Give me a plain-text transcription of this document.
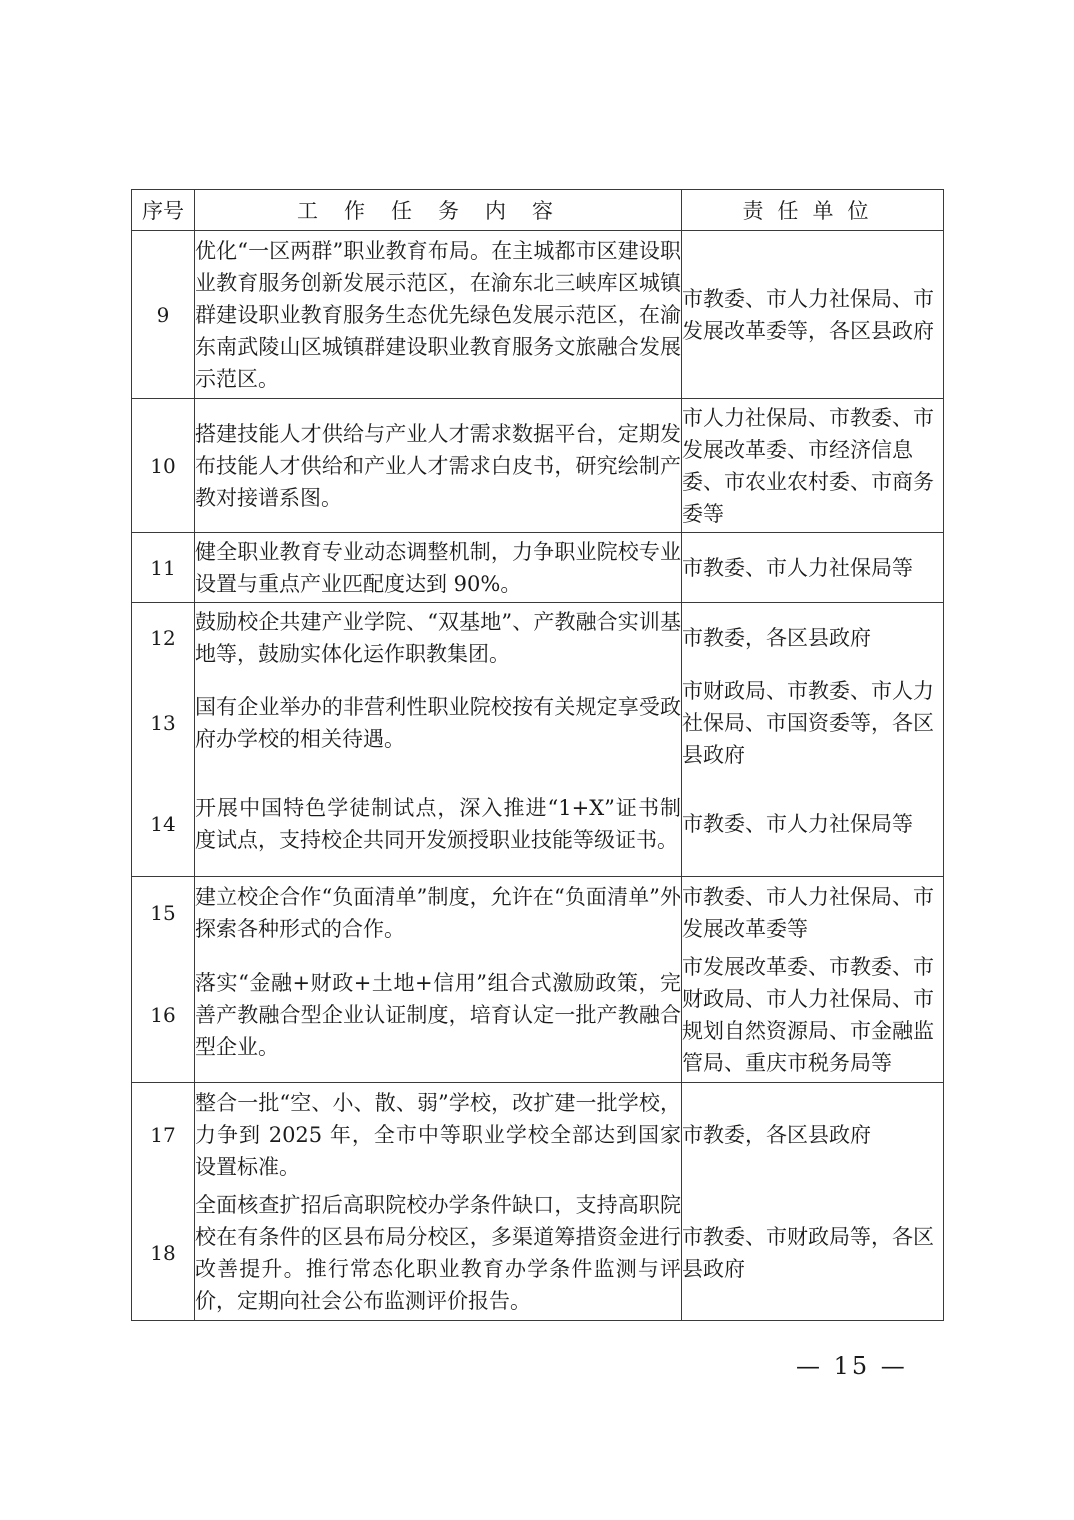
序号	工作任务内容	责任单位
9	优化“一区两群”职业教育布局。在主城都市区建设职业教育服务创新发展示范区，在渝东北三峡库区城镇群建设职业教育服务生态优先绿色发展示范区，在渝东南武陵山区城镇群建设职业教育服务文旅融合发展示范区。	市教委、市人力社保局、市发展改革委等，各区县政府
10	搭建技能人才供给与产业人才需求数据平台，定期发布技能人才供给和产业人才需求白皮书，研究绘制产教对接谱系图。	市人力社保局、市教委、市发展改革委、市经济信息委、市农业农村委、市商务委等
11	健全职业教育专业动态调整机制，力争职业院校专业设置与重点产业匹配度达到 90%。	市教委、市人力社保局等
12	鼓励校企共建产业学院、“双基地”、产教融合实训基地等，鼓励实体化运作职教集团。	市教委，各区县政府
13	国有企业举办的非营利性职业院校按有关规定享受政府办学校的相关待遇。	市财政局、市教委、市人力社保局、市国资委等，各区县政府
14	开展中国特色学徒制试点，深入推进“1+X”证书制度试点，支持校企共同开发颁授职业技能等级证书。	市教委、市人力社保局等
15	建立校企合作“负面清单”制度，允许在“负面清单”外探索各种形式的合作。	市教委、市人力社保局、市发展改革委等
16	落实“金融+财政+土地+信用”组合式激励政策，完善产教融合型企业认证制度，培育认定一批产教融合型企业。	市发展改革委、市教委、市财政局、市人力社保局、市规划自然资源局、市金融监管局、重庆市税务局等
17	整合一批“空、小、散、弱”学校，改扩建一批学校，力争到 2025 年，全市中等职业学校全部达到国家设置标准。	市教委，各区县政府
18	全面核查扩招后高职院校办学条件缺口，支持高职院校在有条件的区县布局分校区，多渠道筹措资金进行改善提升。推行常态化职业教育办学条件监测与评价，定期向社会公布监测评价报告。	市教委、市财政局等，各区县政府
— 15 —
